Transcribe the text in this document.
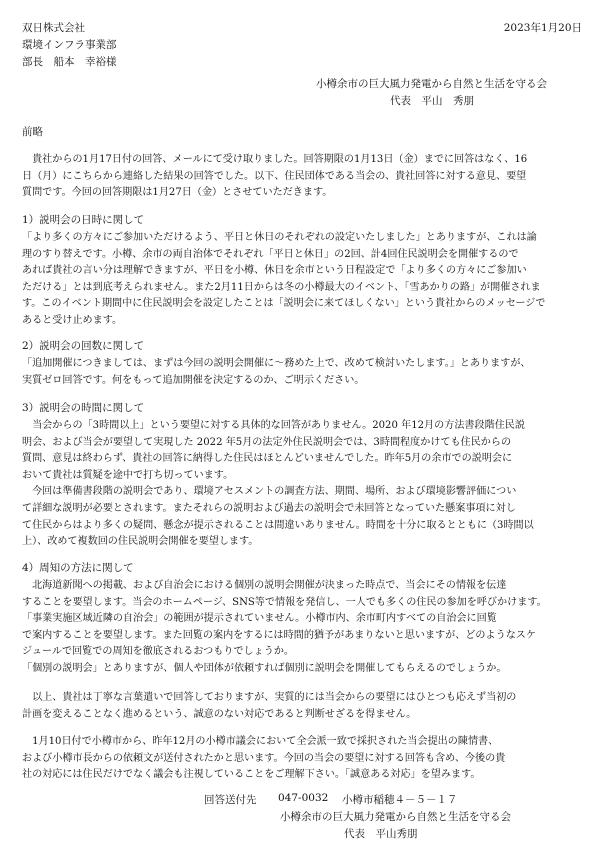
2023年1月20日
双日株式会社
環境インフラ事業部
部長　船本　幸裕様
小樽余市の巨大風力発電から自然と生活を守る会
代表　平山　秀朋
前略
　貴社からの1月17日付の回答、メールにて受け取りました。回答期限の1月13日（金）までに回答はなく、16
日（月）にこちらから連絡した結果の回答でした。以下、住民団体である当会の、貴社回答に対する意見、要望
質問です。今回の回答期限は1月27日（金）とさせていただきます。
1）説明会の日時に関して
「より多くの方々にご参加いただけるよう、平日と休日のそれぞれの設定いたしました」とありますが、これは論
理のすり替えです。小樽、余市の両自治体でそれぞれ「平日と休日」の2回、計4回住民説明会を開催するので
あれば貴社の言い分は理解できますが、平日を小樽、休日を余市という日程設定で「より多くの方々にご参加い
ただける」とは到底考えられません。また2月11日からは冬の小樽最大のイベント、「雪あかりの路」が開催されま
す。このイベント期間中に住民説明会を設定したことは「説明会に来てほしくない」という貴社からのメッセージで
あると受け止めます。
2）説明会の回数に関して
「追加開催につきましては、まずは今回の説明会開催に～務めた上で、改めて検討いたします。」とありますが、
実質ゼロ回答です。何をもって追加開催を決定するのか、ご明示ください。
3）説明会の時間に関して
　当会からの「3時間以上」という要望に対する具体的な回答がありません。2020 年12月の方法書段階住民説
明会、および当会が要望して実現した 2022 年5月の法定外住民説明会では、3時間程度かけても住民からの
質問、意見は終わらず、貴社の回答に納得した住民はほとんどいませんでした。昨年5月の余市での説明会に
おいて貴社は質疑を途中で打ち切っています。
　今回は準備書段階の説明会であり、環境アセスメントの調査方法、期間、場所、および環境影響評価につい
て詳細な説明が必要とされます。またそれらの説明および過去の説明会で未回答となっていた懸案事項に対し
て住民からはより多くの疑問、懸念が提示されることは間違いありません。時間を十分に取るとともに（3時間以
上）、改めて複数回の住民説明会開催を要望します。
4）周知の方法に関して
　北海道新聞への掲載、および自治会における個別の説明会開催が決まった時点で、当会にその情報を伝達
することを要望します。当会のホームページ、SNS等で情報を発信し、一人でも多くの住民の参加を呼びかけます。
「事業実施区域近隣の自治会」の範囲が提示されていません。小樽市内、余市町内すべての自治会に回覧
で案内することを要望します。また回覧の案内をするには時間的猶予があまりないと思いますが、どのようなスケ
ジュールで回覧での周知を徹底されるおつもりでしょうか。
「個別の説明会」とありますが、個人や団体が依頼すれば個別に説明会を開催してもらえるのでしょうか。
　以上、貴社は丁寧な言葉遣いで回答しておりますが、実質的には当会からの要望にはひとつも応えず当初の
計画を変えることなく進めるという、誠意のない対応であると判断せざるを得ません。
　1月10日付で小樽市から、昨年12月の小樽市議会において全会派一致で採択された当会提出の陳情書、
および小樽市長からの依頼文が送付されたかと思います。今回の当会の要望に対する回答も含め、今後の貴
社の対応には住民だけでなく議会も注視していることをご理解下さい。「誠意ある対応」を望みます。
回答送付先 047-0032 小樽市稲穂４－５－１７
小樽余市の巨大風力発電から自然と生活を守る会
代表　平山秀朋
